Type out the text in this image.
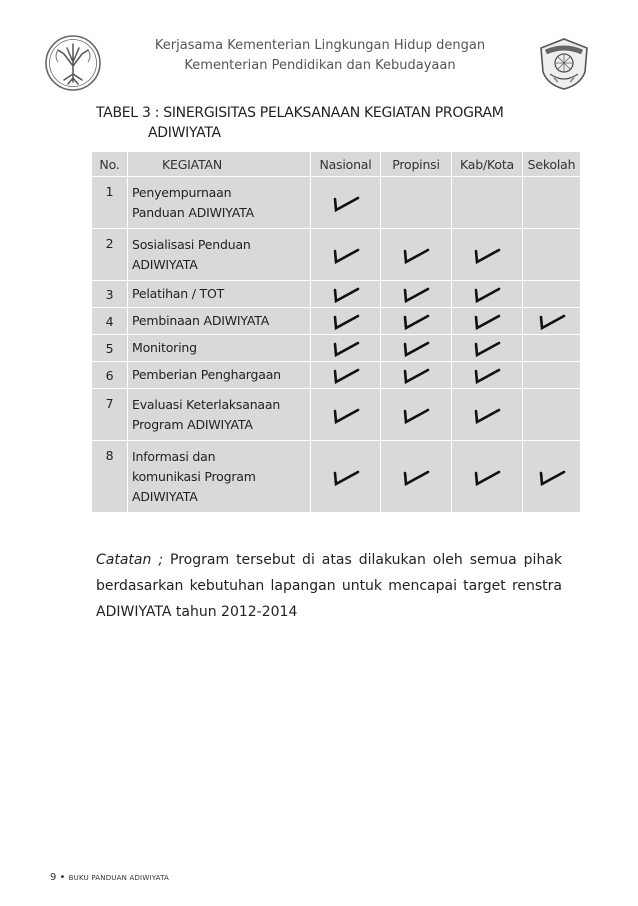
Kerjasama Kementerian Lingkungan Hidup dengan
Kementerian Pendidikan dan Kebudayaan
TABEL 3 : SINERGISITAS PELAKSANAAN KEGIATAN PROGRAM
ADIWIYATA
No.	KEGIATAN	Nasional	Propinsi	Kab/Kota	Sekolah
1	Penyempurnaan
Panduan ADIWIYATA

2	Sosialisasi Penduan
ADIWIYATA

3	Pelatihan / TOT

4	Pembinaan ADIWIYATA

5	Monitoring

6	Pemberian Penghargaan

7	Evaluasi Keterlaksanaan
Program ADIWIYATA

8	Informasi dan
komunikasi Program
ADIWIYATA

Catatan ; Program tersebut di atas dilakukan oleh semua pihak berdasarkan kebutuhan lapangan untuk mencapai target renstra ADIWIYATA tahun 2012-2014
9 • BUKU PANDUAN ADIWIYATA
